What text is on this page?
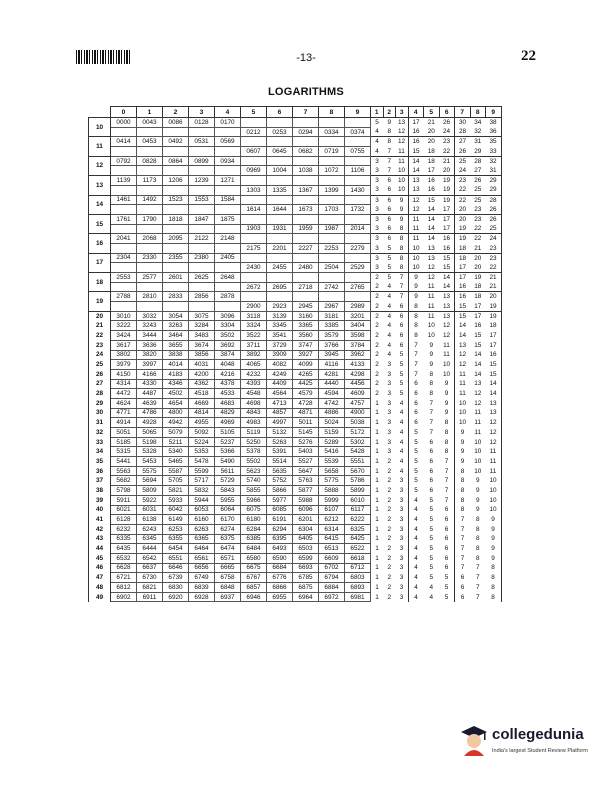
-13-	22
LOGARITHMS
	0	1	2	3	4	5	6	7	8	9	1	2	3	4	5	6	7	8	9
10	0000	0043	0086	0128	0170						5	9	13	17	21	26	30	34	38
						0212	0253	0294	0334	0374	4	8	12	16	20	24	28	32	36
11	0414	0453	0492	0531	0569						4	8	12	16	20	23	27	31	35
						0607	0645	0682	0719	0755	4	7	11	15	18	22	26	29	33
12	0792	0828	0864	0899	0934						3	7	11	14	18	21	25	28	32
						0969	1004	1038	1072	1106	3	7	10	14	17	20	24	27	31
13	1139	1173	1206	1239	1271						3	6	10	13	16	19	23	26	29
						1303	1335	1367	1399	1430	3	6	10	13	16	19	22	25	29
14	1461	1492	1523	1553	1584						3	6	9	12	15	19	22	25	28
						1614	1644	1673	1703	1732	3	6	9	12	14	17	20	23	26
15	1761	1790	1818	1847	1875						3	6	9	11	14	17	20	23	26
						1903	1931	1959	1987	2014	3	6	8	11	14	17	19	22	25
16	2041	2068	2095	2122	2148						3	6	8	11	14	16	19	22	24
						2175	2201	2227	2253	2279	3	5	8	10	13	16	18	21	23
17	2304	2330	2355	2380	2405						3	5	8	10	13	15	18	20	23
						2430	2455	2480	2504	2529	3	5	8	10	12	15	17	20	22
18	2553	2577	2601	2625	2648						2	5	7	9	12	14	17	19	21
						2672	2695	2718	2742	2765	2	4	7	9	11	14	16	18	21
19	2788	2810	2833	2856	2878						2	4	7	9	11	13	16	18	20
						2900	2923	2945	2967	2989	2	4	6	8	11	13	15	17	19
20	3010	3032	3054	3075	3096	3118	3139	3160	3181	3201	2	4	6	8	11	13	15	17	19
21	3222	3243	3263	3284	3304	3324	3345	3365	3385	3404	2	4	6	8	10	12	14	16	18
22	3424	3444	3464	3483	3502	3522	3541	3560	3579	3598	2	4	6	8	10	12	14	15	17
23	3617	3636	3655	3674	3692	3711	3729	3747	3766	3784	2	4	6	7	9	11	13	15	17
24	3802	3820	3838	3856	3874	3892	3909	3927	3945	3962	2	4	5	7	9	11	12	14	16
25	3979	3997	4014	4031	4048	4065	4082	4099	4116	4133	2	3	5	7	9	10	12	14	15
26	4150	4166	4183	4200	4216	4232	4249	4265	4281	4298	2	3	5	7	8	10	11	14	15
27	4314	4330	4346	4362	4378	4393	4409	4425	4440	4456	2	3	5	6	8	9	11	13	14
28	4472	4487	4502	4518	4533	4548	4564	4579	4594	4609	2	3	5	6	8	9	11	12	14
29	4624	4639	4654	4669	4683	4698	4713	4728	4742	4757	1	3	4	6	7	9	10	12	13
30	4771	4786	4800	4814	4829	4843	4857	4871	4886	4900	1	3	4	6	7	9	10	11	13
31	4914	4928	4942	4955	4969	4983	4997	5011	5024	5038	1	3	4	6	7	8	10	11	12
32	5051	5065	5079	5092	5105	5119	5132	5145	5159	5172	1	3	4	5	7	8	9	11	12
33	5185	5198	5211	5224	5237	5250	5263	5276	5289	5302	1	3	4	5	6	8	9	10	12
34	5315	5328	5340	5353	5366	5378	5391	5403	5416	5428	1	3	4	5	6	8	9	10	11
35	5441	5453	5465	5478	5490	5502	5514	5527	5539	5551	1	2	4	5	6	7	9	10	11
36	5563	5575	5587	5599	5611	5623	5635	5647	5658	5670	1	2	4	5	6	7	8	10	11
37	5682	5694	5705	5717	5729	5740	5752	5763	5775	5786	1	2	3	5	6	7	8	9	10
38	5798	5809	5821	5832	5843	5855	5866	5877	5888	5899	1	2	3	5	6	7	8	9	10
39	5911	5922	5933	5944	5955	5966	5977	5988	5999	6010	1	2	3	4	5	7	8	9	10
40	6021	6031	6042	6053	6064	6075	6085	6096	6107	6117	1	2	3	4	5	6	8	9	10
41	6128	6138	6149	6160	6170	6180	6191	6201	6212	6222	1	2	3	4	5	6	7	8	9
42	6232	6243	6253	6263	6274	6284	6294	6304	6314	6325	1	2	3	4	5	6	7	8	9
43	6335	6345	6355	6365	6375	6385	6395	6405	6415	6425	1	2	3	4	5	6	7	8	9
44	6435	6444	6454	6464	6474	6484	6493	6503	6513	6522	1	2	3	4	5	6	7	8	9
45	6532	6542	6551	6561	6571	6580	6590	6599	6609	6618	1	2	3	4	5	6	7	8	9
46	6628	6637	6646	6656	6665	6675	6684	6693	6702	6712	1	2	3	4	5	6	7	7	8
47	6721	6730	6739	6749	6758	6767	6776	6785	6794	6803	1	2	3	4	5	5	6	7	8
48	6812	6821	6830	6839	6848	6857	6866	6875	6884	6893	1	2	3	4	4	5	6	7	8
49	6902	6911	6920	6928	6937	6946	6955	6964	6972	6981	1	2	3	4	4	5	6	7	8
collegedunia
India's largest Student Review Platform
